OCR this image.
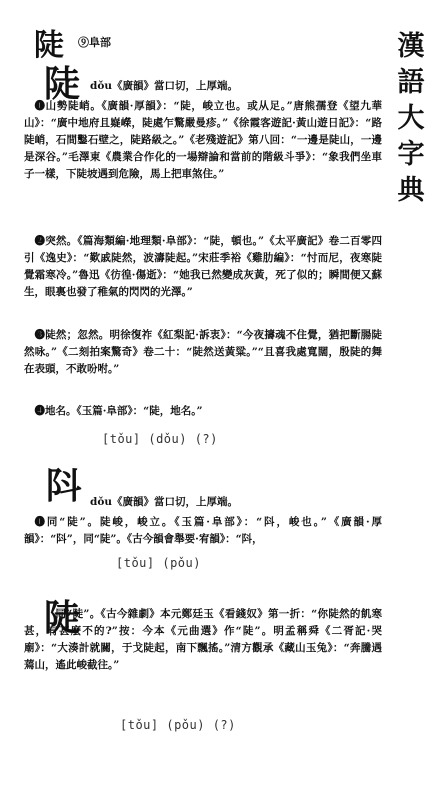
漢
語
大
字
典
陡 ⑨阜部
陡 dǒu《廣韻》當口切，上厚端。
❶山勢陡峭。《廣韻·厚韻》：“陡，峻立也。或从足。”唐熊孺登《望九華山》：“廣中地府且嶷嶸，陡處乍驚嚴曼疹。”《徐霞客遊記·黃山遊日記》：“路陡峭，石間鑿石壁之，陡路級之。”《老殘遊記》第八回：“一邊是陡山，一邊是深谷。”毛澤東《農業合作化的一場辯論和當前的階級斗爭》：“象我們坐車子一樣，下陡坡遇到危險，馬上把車煞住。”
❷突然。《篇海類編·地理類·阜部》：“陡，頓也。”《太平廣記》卷二百零四引《逸史》：“歎戚陡然，波濤陡起。”宋莊季裕《雞肋編》：“忖而尼，夜寒陡覺霜寒冷。”魯迅《彷徨·傷逝》：“她我已然變成灰黃，死了似的；瞬間便又蘇生，眼裏也發了稚氣的閃閃的光澤。”
❸陡然；忽然。明徐復祚《紅梨記·訴衷》：“今夜擣魂不住覺，猶把斷腸陡然咏。”《二刻拍案驚奇》卷二十：“陡然送黃粱。”“且喜我處寬闊，殷陡的舞在表頭，不敢吩咐。”
❹地名。《玉篇·阜部》：“陡，地名。”
[tǒu] (dǒu) (?)
阧 dǒu《廣韻》當口切，上厚端。
❶同“陡”。陡峻，峻立。《玉篇·阜部》：“阧，峻也。”《廣韻·厚韻》：“阧”，同“陡”。《古今韻會舉要·宥韻》：“阧，
[tǒu] (pǒu)
陡
同“陡”。《古今雜劇》本元鄭廷玉《看錢奴》第一折：“你陡然的飢寒甚，有甚麼不的?”按：今本《元曲選》作“陡”。明孟稱舜《二胥記·哭廟》：“大湊計就關，于戈陡起，南下飄搖。”清方觀承《藏山玉兔》：“奔騰遇蔫山，遙此峻截往。”
[tǒu] (pǒu) (?)
